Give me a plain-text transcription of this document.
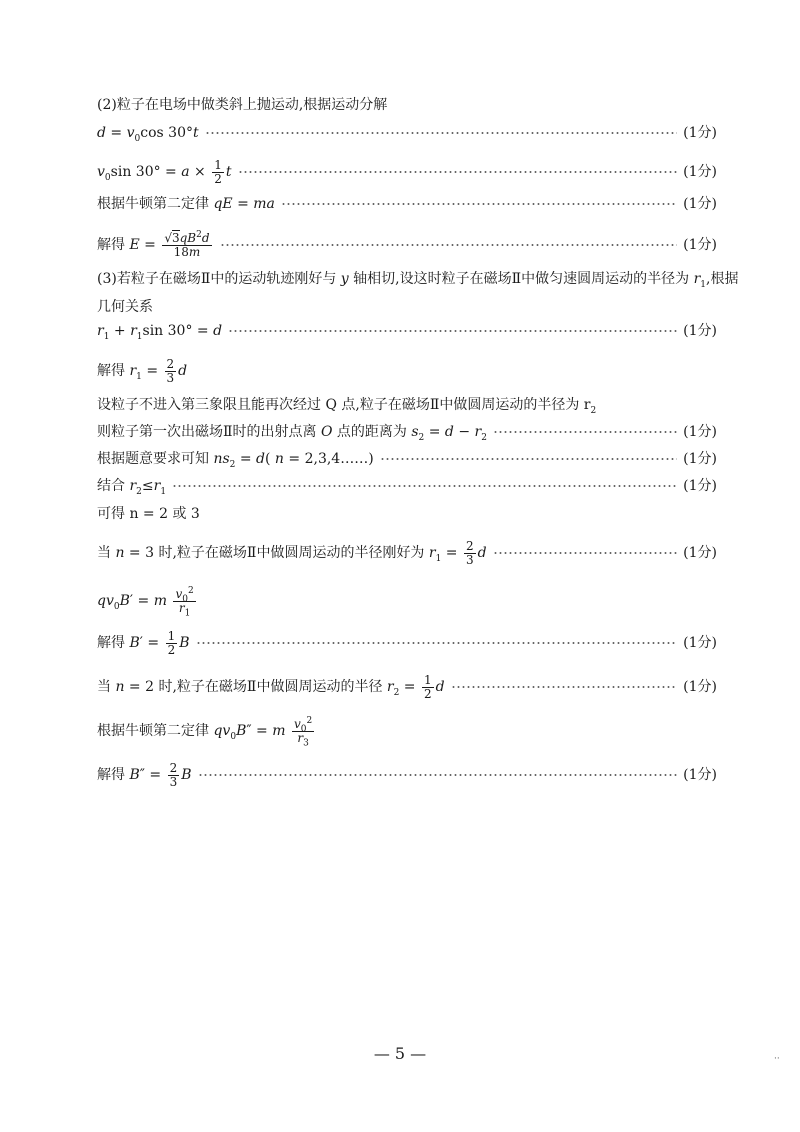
(2)粒子在电场中做类斜上抛运动,根据运动分解
$d = v_0\cos$ 30°t	(1分)
$v_0\sin$ $30^\circ = a \times \frac{1}{2}$ t	(1分)
根据牛顿第二定律 qE = ma	(1分)
解得 $E = \frac{√3qB^2d}{18m}$	(1分)
(3)若粒子在磁场Ⅱ中的运动轨迹刚好与 y 轴相切,设这时粒子在磁场Ⅱ中做匀速圆周运动的半径为 $r_1$,根据
几何关系
$r_1 + r_1\sin$ 30° = d	(1分)
解得 $r_1 = \frac{2}{3}$ d
设粒子不进入第三象限且能再次经过 Q 点,粒子在磁场Ⅱ中做圆周运动的半径为 $r_2$
则粒子第一次出磁场Ⅱ时的出射点离 O 点的距离为 $s_2 = d - r_2$	(1分)
根据题意要求可知 $ns_2 = d$( n = 2,3,4……)	(1分)
结合 $r_2\le r_1$	(1分)
可得 n = 2 或 3
当 n = 3 时,粒子在磁场Ⅱ中做圆周运动的半径刚好为 $r_1 = \frac{2}{3}$ d	(1分)
$qv_0B' = m \frac{v_0^2}{r_1}$
解得 $B' = \frac{1}{2}$ B	(1分)
当 n = 2 时,粒子在磁场Ⅱ中做圆周运动的半径 $r_2 = \frac{1}{2}$ d	(1分)
根据牛顿第二定律 $qv_0B'' = m \frac{v_0^2}{r_3}$
解得 $B'' = \frac{2}{3}$ B	(1分)
— 5 —	··
